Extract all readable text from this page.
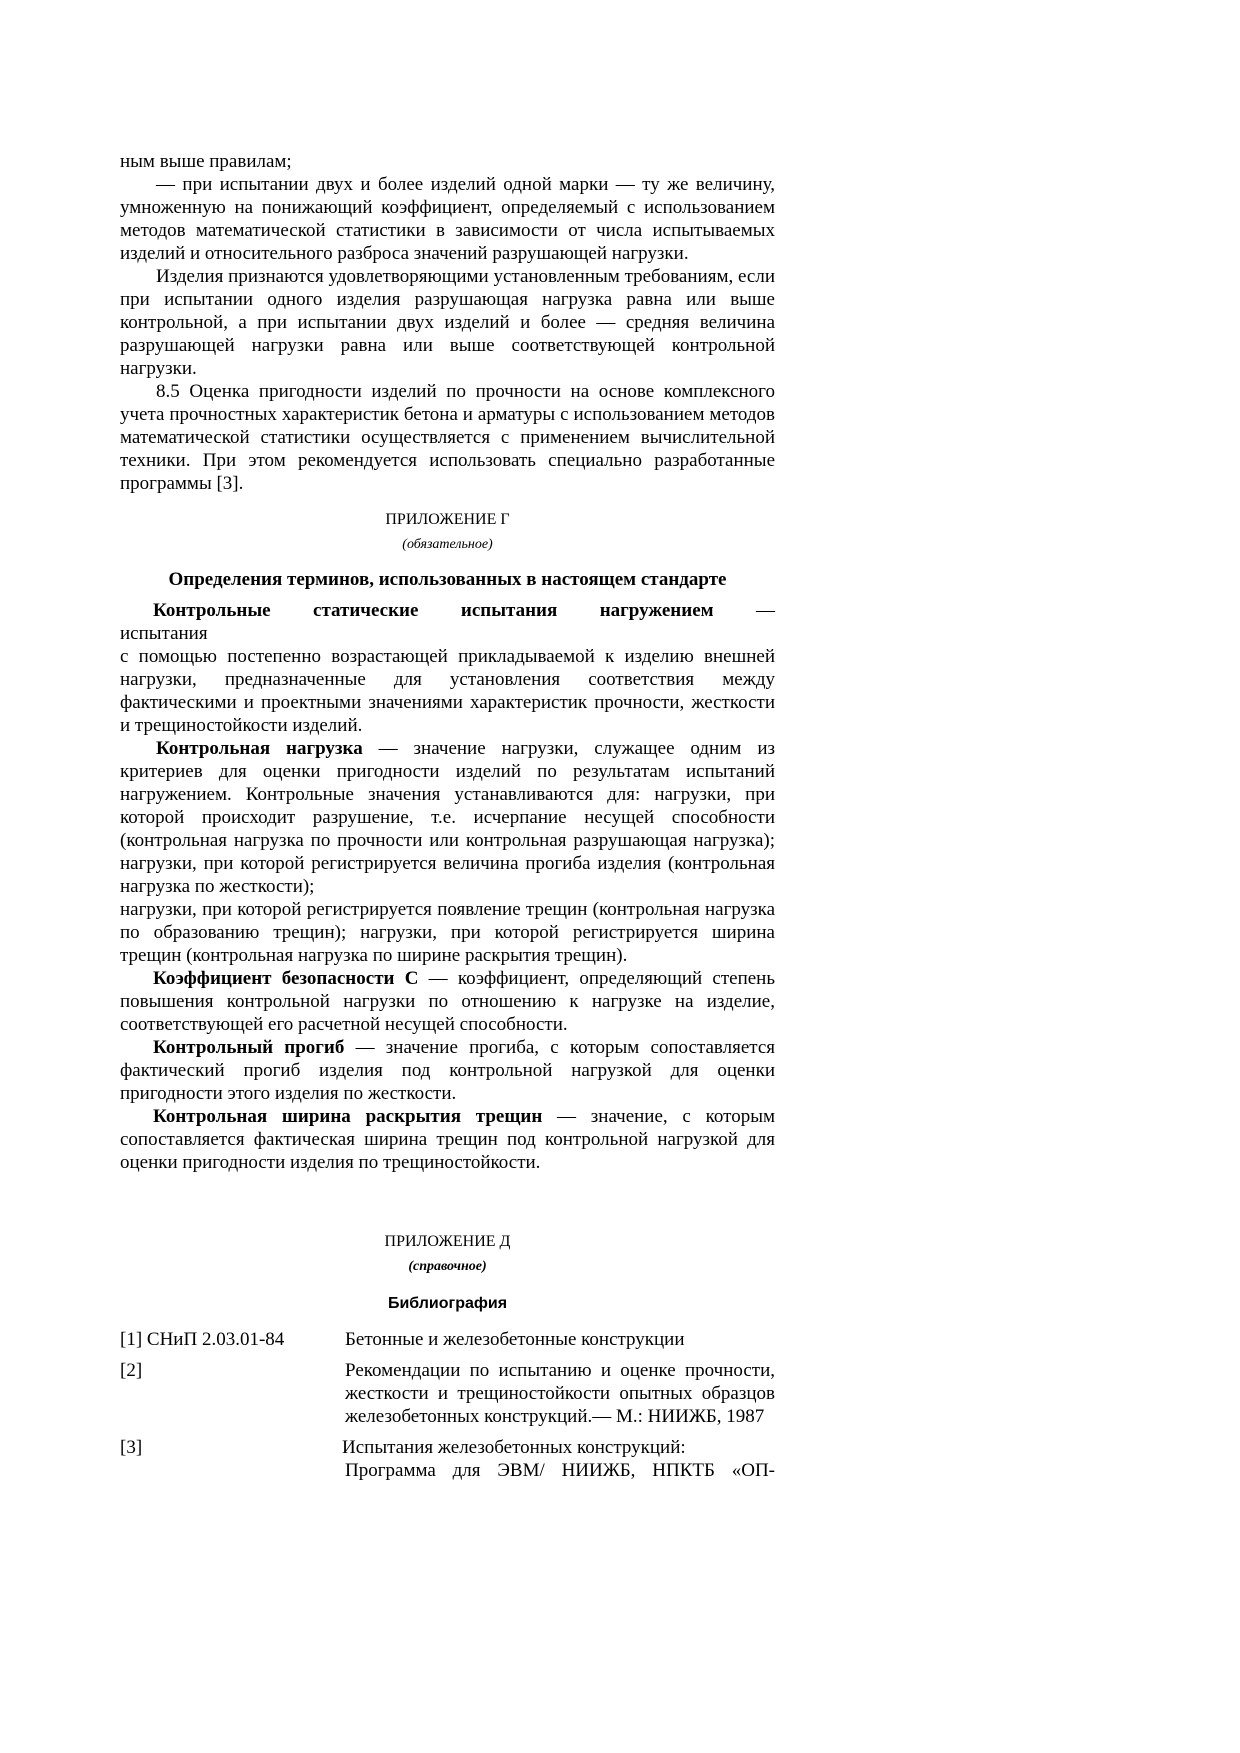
ным выше правилам;

— при испытании двух и более изделий одной марки — ту же величину, умноженную на понижающий коэффициент, определяемый с использованием методов математической статистики в зависимости от числа испытываемых изделий и относительного разброса значений разрушающей нагрузки.

Изделия признаются удовлетворяющими установленным требованиям, если при испытании одного изделия разрушающая нагрузка равна или выше контрольной, а при испытании двух изделий и более — средняя величина разрушающей нагрузки равна или выше соответствующей контрольной нагрузки.

8.5 Оценка пригодности изделий по прочности на основе комплексного учета прочностных характеристик бетона и арматуры с использованием методов математической статистики осуществляется с применением вычислительной техники. При этом рекомендуется использовать специально разработанные программы [3].

ПРИЛОЖЕНИЕ Г

(обязательное)

Определения терминов, использованных в настоящем стандарте

Контрольные статические испытания нагружением —

испытания

с помощью постепенно возрастающей прикладываемой к изделию внешней нагрузки, предназначенные для установления соответствия между фактическими и проектными значениями характеристик прочности, жесткости и трещиностойкости изделий.

Контрольная нагрузка — значение нагрузки, служащее одним из критериев для оценки пригодности изделий по результатам испытаний нагружением. Контрольные значения устанавливаются для: нагрузки, при которой происходит разрушение, т.е. исчерпание несущей способности (контрольная нагрузка по прочности или контрольная разрушающая нагрузка); нагрузки, при которой регистрируется величина прогиба изделия (контрольная нагрузка по жесткости);

нагрузки, при которой регистрируется появление трещин (контрольная нагрузка по образованию трещин); нагрузки, при которой регистрируется ширина трещин (контрольная нагрузка по ширине раскрытия трещин).

Коэффициент безопасности С — коэффициент, определяющий степень повышения контрольной нагрузки по отношению к нагрузке на изделие, соответствующей его расчетной несущей способности.

Контрольный прогиб — значение прогиба, с которым сопоставляется фактический прогиб изделия под контрольной нагрузкой для оценки пригодности этого изделия по жесткости.

Контрольная ширина раскрытия трещин — значение, с которым сопоставляется фактическая ширина трещин под контрольной нагрузкой для оценки пригодности изделия по трещиностойкости.

ПРИЛОЖЕНИЕ Д

(справочное)

Библиография

[1] СНиП 2.03.01-84	Бетонные и железобетонные конструкции
[2]	Рекомендации по испытанию и оценке прочности, жесткости и трещиностойкости опытных образцов железобетонных конструкций.— М.: НИИЖБ, 1987
[3]	Испытания железобетонных конструкций:
Программа для ЭВМ/ НИИЖБ, НПКТБ «ОП-
